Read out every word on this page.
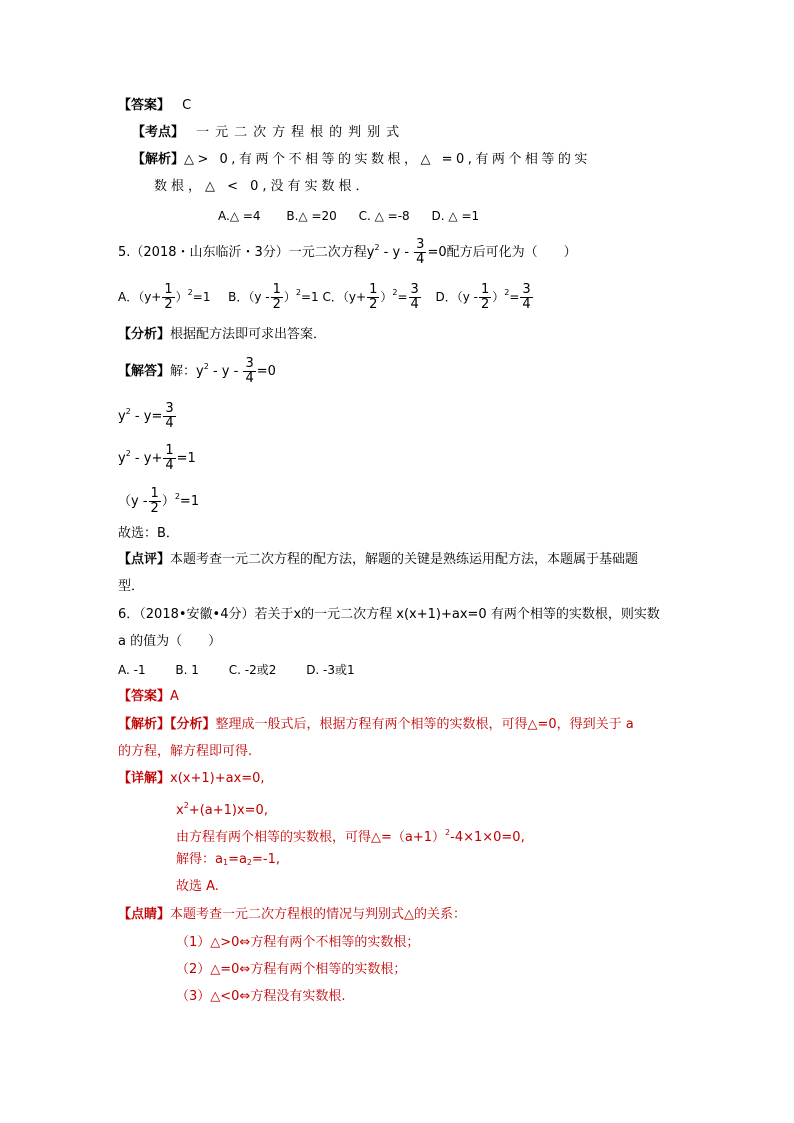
【答案】 C
【考点】 一元二次方程根的判别式
【解析】△> 0,有两个不相等的实数根，△ =0,有两个相等的实
数根，△ < 0,没有实数根．
A.△ =4 B.△ =20 C. △ =-8 D. △ =1
5.（2018・山东临沂・3分）一元二次方程$y^2 - y - \frac{3}{4} =0$配方后可化为（　　）
A．$(y+ \frac{1}{2} )^2=1$ B．$(y - \frac{1}{2} )^2=1$ C．$(y+ \frac{1}{2} )^2= \frac{3}{4}$ D．$(y - \frac{1}{2} )^2= \frac{3}{4}$
【分析】根据配方法即可求出答案．
【解答】解：$y^2 - y - \frac{3}{4} =0$
$y^2 - y= \frac{3}{4}$
$y^2 - y+ \frac{1}{4} =1$
$(y - \frac{1}{2} )^2=1$
故选：B．
【点评】本题考查一元二次方程的配方法，解题的关键是熟练运用配方法，本题属于基础题
型．
6．（2018•安徽•4分）若关于x的一元二次方程 x(x+1)+ax=0 有两个相等的实数根，则实数
a 的值为（　　）
A. -1 B. 1 C. -2或2 D. -3或1
【答案】A
【解析】【分析】整理成一般式后，根据方程有两个相等的实数根，可得△=0，得到关于 a
的方程，解方程即可得.
【详解】x(x+1)+ax=0,
$x^2+(a+1)x=0$,
由方程有两个相等的实数根，可得$\triangle=(a+1)^2-4\times 1\times 0=0$,
解得：$a_1=a_2=-1$,
故选 A.
【点睛】本题考查一元二次方程根的情况与判别式△的关系：
（1）△>0⇔方程有两个不相等的实数根；
（2）△=0⇔方程有两个相等的实数根；
（3）△<0⇔方程没有实数根.
